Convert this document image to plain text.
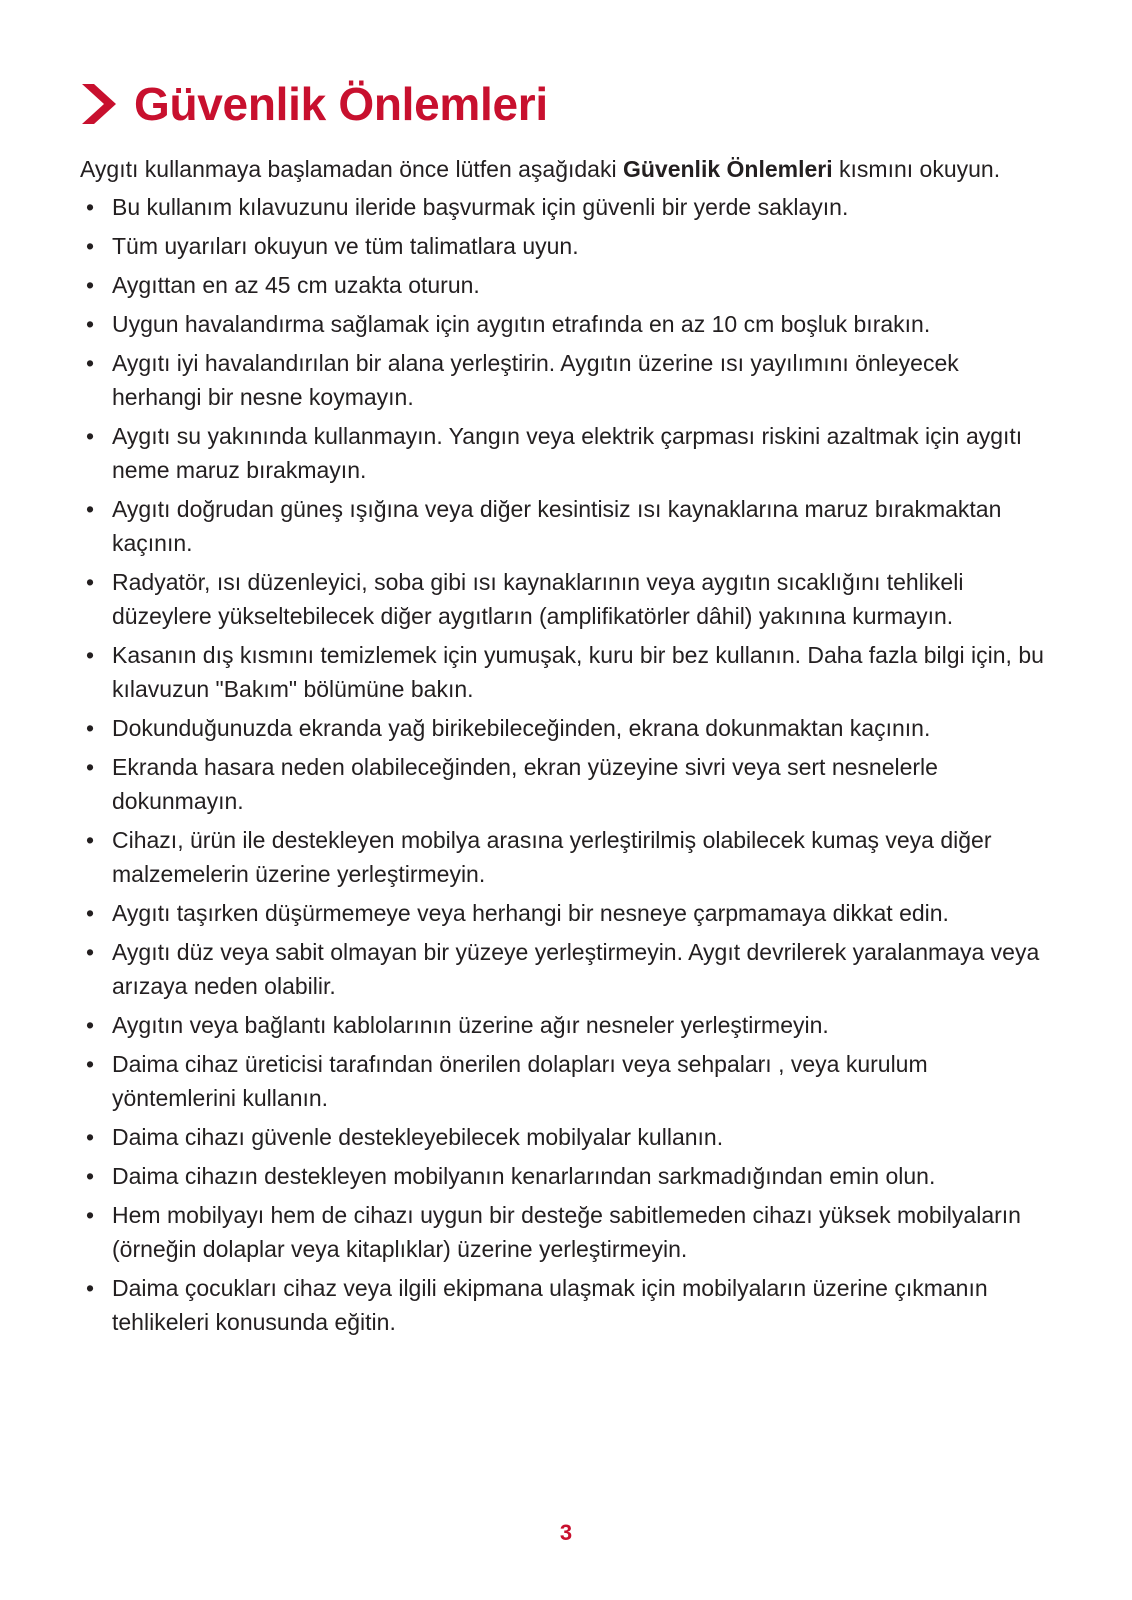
Güvenlik Önlemleri

Aygıtı kullanmaya başlamadan önce lütfen aşağıdaki Güvenlik Önlemleri kısmını okuyun.

• Bu kullanım kılavuzunu ileride başvurmak için güvenli bir yerde saklayın.
• Tüm uyarıları okuyun ve tüm talimatlara uyun.
• Aygıttan en az 45 cm uzakta oturun.
• Uygun havalandırma sağlamak için aygıtın etrafında en az 10 cm boşluk bırakın.
• Aygıtı iyi havalandırılan bir alana yerleştirin. Aygıtın üzerine ısı yayılımını önleyecek herhangi bir nesne koymayın.
• Aygıtı su yakınında kullanmayın. Yangın veya elektrik çarpması riskini azaltmak için aygıtı neme maruz bırakmayın.
• Aygıtı doğrudan güneş ışığına veya diğer kesintisiz ısı kaynaklarına maruz bırakmaktan kaçının.
• Radyatör, ısı düzenleyici, soba gibi ısı kaynaklarının veya aygıtın sıcaklığını tehlikeli düzeylere yükseltebilecek diğer aygıtların (amplifikatörler dâhil) yakınına kurmayın.
• Kasanın dış kısmını temizlemek için yumuşak, kuru bir bez kullanın. Daha fazla bilgi için, bu kılavuzun "Bakım" bölümüne bakın.
• Dokunduğunuzda ekranda yağ birikebileceğinden, ekrana dokunmaktan kaçının.
• Ekranda hasara neden olabileceğinden, ekran yüzeyine sivri veya sert nesnelerle dokunmayın.
• Cihazı, ürün ile destekleyen mobilya arasına yerleştirilmiş olabilecek kumaş veya diğer malzemelerin üzerine yerleştirmeyin.
• Aygıtı taşırken düşürmemeye veya herhangi bir nesneye çarpmamaya dikkat edin.
• Aygıtı düz veya sabit olmayan bir yüzeye yerleştirmeyin. Aygıt devrilerek yaralanmaya veya arızaya neden olabilir.
• Aygıtın veya bağlantı kablolarının üzerine ağır nesneler yerleştirmeyin.
• Daima cihaz üreticisi tarafından önerilen dolapları veya sehpaları , veya kurulum yöntemlerini kullanın.
• Daima cihazı güvenle destekleyebilecek mobilyalar kullanın.
• Daima cihazın destekleyen mobilyanın kenarlarından sarkmadığından emin olun.
• Hem mobilyayı hem de cihazı uygun bir desteğe sabitlemeden cihazı yüksek mobilyaların (örneğin dolaplar veya kitaplıklar) üzerine yerleştirmeyin.
• Daima çocukları cihaz veya ilgili ekipmana ulaşmak için mobilyaların üzerine çıkmanın tehlikeleri konusunda eğitin.
3
